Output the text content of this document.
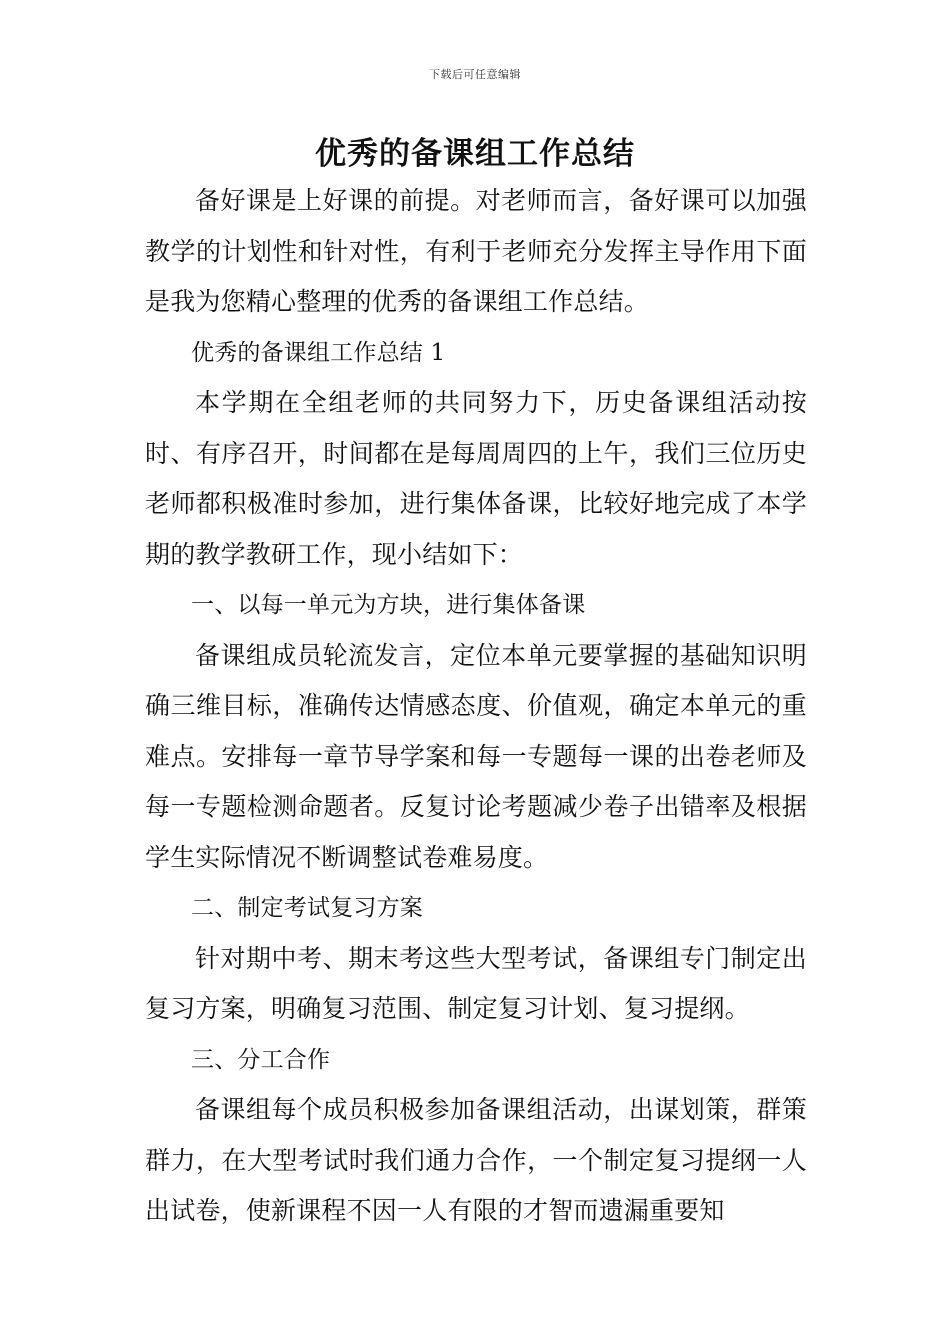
下载后可任意编辑
优秀的备课组工作总结

备好课是上好课的前提。对老师而言，备好课可以加强教学的计划性和针对性，有利于老师充分发挥主导作用下面是我为您精心整理的优秀的备课组工作总结。

优秀的备课组工作总结 1

本学期在全组老师的共同努力下，历史备课组活动按时、有序召开，时间都在是每周周四的上午，我们三位历史老师都积极准时参加，进行集体备课，比较好地完成了本学期的教学教研工作，现小结如下：

一、以每一单元为方块，进行集体备课

备课组成员轮流发言，定位本单元要掌握的基础知识明确三维目标，准确传达情感态度、价值观，确定本单元的重难点。安排每一章节导学案和每一专题每一课的出卷老师及每一专题检测命题者。反复讨论考题减少卷子出错率及根据学生实际情况不断调整试卷难易度。

二、制定考试复习方案

针对期中考、期末考这些大型考试，备课组专门制定出复习方案，明确复习范围、制定复习计划、复习提纲。

三、分工合作

备课组每个成员积极参加备课组活动，出谋划策，群策群力，在大型考试时我们通力合作，一个制定复习提纲一人出试卷，使新课程不因一人有限的才智而遗漏重要知
